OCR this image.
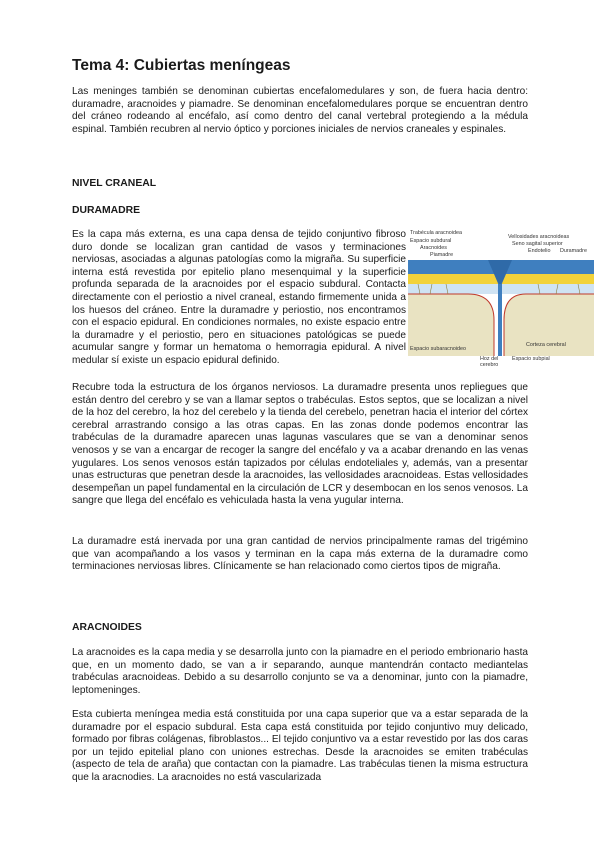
Tema 4: Cubiertas meníngeas

Las meninges también se denominan cubiertas encefalomedulares y son, de fuera hacia dentro: duramadre, aracnoides y piamadre. Se denominan encefalomedulares porque se encuentran dentro del cráneo rodeando al encéfalo, así como dentro del canal vertebral protegiendo a la médula espinal. También recubren al nervio óptico y porciones iniciales de nervios craneales y espinales.

NIVEL CRANEAL
DURAMADRE

Es la capa más externa, es una capa densa de tejido conjuntivo fibroso duro donde se localizan gran cantidad de vasos y terminaciones nerviosas, asociadas a algunas patologías como la migraña. Su superficie interna está revestida por epitelio plano mesenquimal y la superficie profunda separada de la aracnoides por el espacio subdural. Contacta directamente con el periostio a nivel craneal, estando firmemente unida a los huesos del cráneo. Entre la duramadre y periostio, nos encontramos con el espacio epidural. En condiciones normales, no existe espacio entre la duramadre y el periostio, pero en situaciones patológicas se puede acumular sangre y formar un hematoma o hemorragia epidural. A nivel medular sí existe un espacio epidural definido.

Trabécula aracnoidea
Espacio subdural
Aracnoides
Piamadre
Vellosidades aracnoideas
Seno sagital superior
Endotelio Duramadre
Corteza cerebral
Espacio subaracnoideo
Hoz del
cerebro
Espacio subpial

Recubre toda la estructura de los órganos nerviosos. La duramadre presenta unos repliegues que están dentro del cerebro y se van a llamar septos o trabéculas. Estos septos, que se localizan a nivel de la hoz del cerebro, la hoz del cerebelo y la tienda del cerebelo, penetran hacia el interior del córtex cerebral arrastrando consigo a las otras capas. En las zonas donde podemos encontrar las trabéculas de la duramadre aparecen unas lagunas vasculares que se van a denominar senos venosos y se van a encargar de recoger la sangre del encéfalo y va a acabar drenando en las venas yugulares. Los senos venosos están tapizados por células endoteliales y, además, van a presentar unas estructuras que penetran desde la aracnoides, las vellosidades aracnoideas. Estas vellosidades desempeñan un papel fundamental en la circulación de LCR y desembocan en los senos venosos. La sangre que llega del encéfalo es vehiculada hasta la vena yugular interna.

La duramadre está inervada por una gran cantidad de nervios principalmente ramas del trigémino que van acompañando a los vasos y terminan en la capa más externa de la duramadre como terminaciones nerviosas libres. Clínicamente se han relacionado como ciertos tipos de migraña.

ARACNOIDES

La aracnoides es la capa media y se desarrolla junto con la piamadre en el periodo embrionario hasta que, en un momento dado, se van a ir separando, aunque mantendrán contacto mediantelas trabéculas aracnoideas. Debido a su desarrollo conjunto se va a denominar, junto con la piamadre, leptomeninges.

Esta cubierta meníngea media está constituida por una capa superior que va a estar separada de la duramadre por el espacio subdural. Esta capa está constituida por tejido conjuntivo muy delicado, formado por fibras colágenas, fibroblastos... El tejido conjuntivo va a estar revestido por las dos caras por un tejido epitelial plano con uniones estrechas. Desde la aracnoides se emiten trabéculas (aspecto de tela de araña) que contactan con la piamadre. Las trabéculas tienen la misma estructura que la aracnodies. La aracnoides no está vascularizada
